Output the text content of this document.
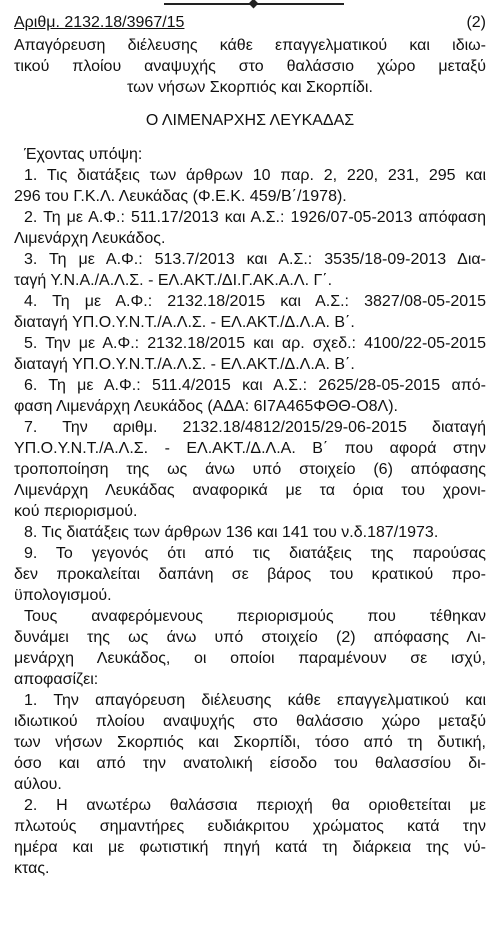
Αριθμ. 2132.18/3967/15	(2)
Απαγόρευση διέλευσης κάθε επαγγελματικού και ιδιω-
τικού πλοίου αναψυχής στο θαλάσσιο χώρο μεταξύ
των νήσων Σκορπιός και Σκορπίδι.
Ο ΛΙΜΕΝΑΡΧΗΣ ΛΕΥΚΑΔΑΣ
Έχοντας υπόψη:
1. Τις διατάξεις των άρθρων 10 παρ. 2, 220, 231, 295 και
296 του Γ.Κ.Λ. Λευκάδας (Φ.Ε.Κ. 459/Β΄/1978).
2. Τη με Α.Φ.: 511.17/2013 και Α.Σ.: 1926/07-05-2013 απόφαση
Λιμενάρχη Λευκάδος.
3. Τη με Α.Φ.: 513.7/2013 και Α.Σ.: 3535/18-09-2013 Δια-
ταγή Υ.Ν.Α./Α.Λ.Σ. - ΕΛ.ΑΚΤ./ΔΙ.Γ.ΑΚ.Α.Λ. Γ΄.
4. Τη με Α.Φ.: 2132.18/2015 και Α.Σ.: 3827/08-05-2015
διαταγή ΥΠ.Ο.Υ.Ν.Τ./Α.Λ.Σ. - ΕΛ.ΑΚΤ./Δ.Λ.Α. Β΄.
5. Την με Α.Φ.: 2132.18/2015 και αρ. σχεδ.: 4100/22-05-2015
διαταγή ΥΠ.Ο.Υ.Ν.Τ./Α.Λ.Σ. - ΕΛ.ΑΚΤ./Δ.Λ.Α. Β΄.
6. Τη με Α.Φ.: 511.4/2015 και Α.Σ.: 2625/28-05-2015 από-
φαση Λιμενάρχη Λευκάδος (ΑΔΑ: 6Ι7Α465ΦΘΘ-Ο8Λ).
7. Την αριθμ. 2132.18/4812/2015/29-06-2015 διαταγή
ΥΠ.Ο.Υ.Ν.Τ./Α.Λ.Σ. - ΕΛ.ΑΚΤ./Δ.Λ.Α. Β΄ που αφορά στην
τροποποίηση της ως άνω υπό στοιχείο (6) απόφασης
Λιμενάρχη Λευκάδας αναφορικά με τα όρια του χρονι-
κού περιορισμού.
8. Τις διατάξεις των άρθρων 136 και 141 του ν.δ.187/1973.
9. Το γεγονός ότι από τις διατάξεις της παρούσας
δεν προκαλείται δαπάνη σε βάρος του κρατικού προ-
ϋπολογισμού.
Τους αναφερόμενους περιορισμούς που τέθηκαν
δυνάμει της ως άνω υπό στοιχείο (2) απόφασης Λι-
μενάρχη Λευκάδος, οι οποίοι παραμένουν σε ισχύ,
αποφασίζει:
1. Την απαγόρευση διέλευσης κάθε επαγγελματικού και
ιδιωτικού πλοίου αναψυχής στο θαλάσσιο χώρο μεταξύ
των νήσων Σκορπιός και Σκορπίδι, τόσο από τη δυτική,
όσο και από την ανατολική είσοδο του θαλασσίου δι-
αύλου.
2. Η ανωτέρω θαλάσσια περιοχή θα οριοθετείται με
πλωτούς σημαντήρες ευδιάκριτου χρώματος κατά την
ημέρα και με φωτιστική πηγή κατά τη διάρκεια της νύ-
κτας.
